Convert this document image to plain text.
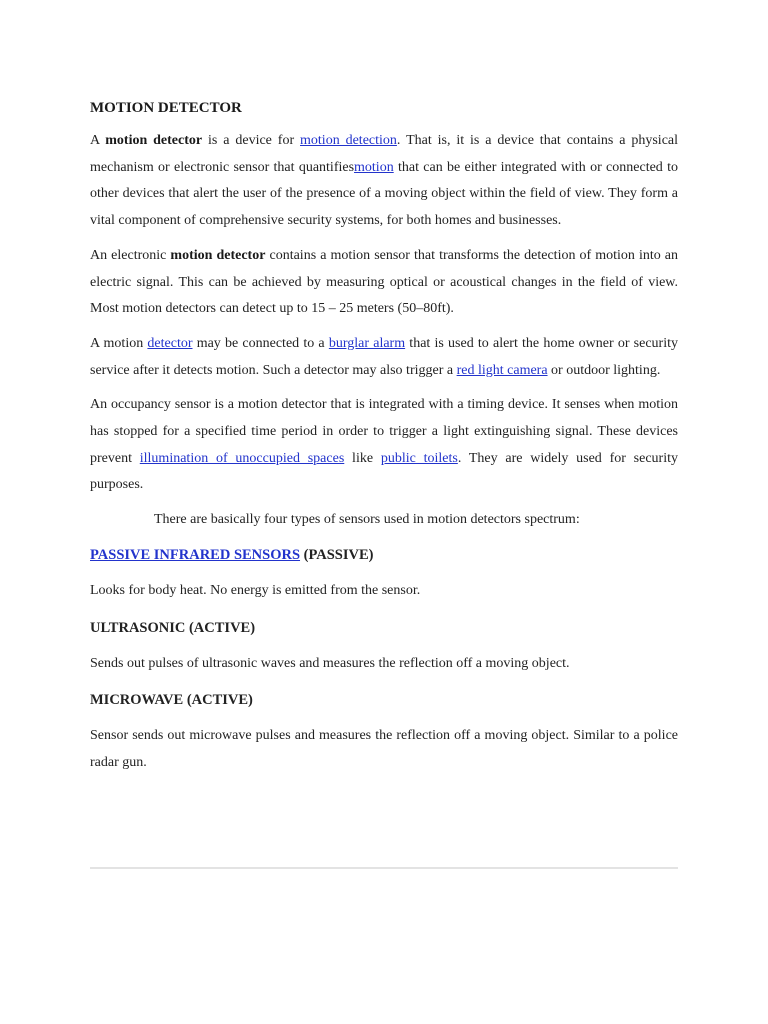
MOTION DETECTOR

A motion detector is a device for motion detection. That is, it is a device that contains a physical mechanism or electronic sensor that quantifiesmotion that can be either integrated with or connected to other devices that alert the user of the presence of a moving object within the field of view. They form a vital component of comprehensive security systems, for both homes and businesses.

An electronic motion detector contains a motion sensor that transforms the detection of motion into an electric signal. This can be achieved by measuring optical or acoustical changes in the field of view. Most motion detectors can detect up to 15 – 25 meters (50–80ft).

A motion detector may be connected to a burglar alarm that is used to alert the home owner or security service after it detects motion. Such a detector may also trigger a red light camera or outdoor lighting.

An occupancy sensor is a motion detector that is integrated with a timing device. It senses when motion has stopped for a specified time period in order to trigger a light extinguishing signal. These devices prevent illumination of unoccupied spaces like public toilets. They are widely used for security purposes.

There are basically four types of sensors used in motion detectors spectrum:

PASSIVE INFRARED SENSORS (PASSIVE)

Looks for body heat. No energy is emitted from the sensor.

ULTRASONIC (ACTIVE)

Sends out pulses of ultrasonic waves and measures the reflection off a moving object.

MICROWAVE (ACTIVE)

Sensor sends out microwave pulses and measures the reflection off a moving object. Similar to a police radar gun.
